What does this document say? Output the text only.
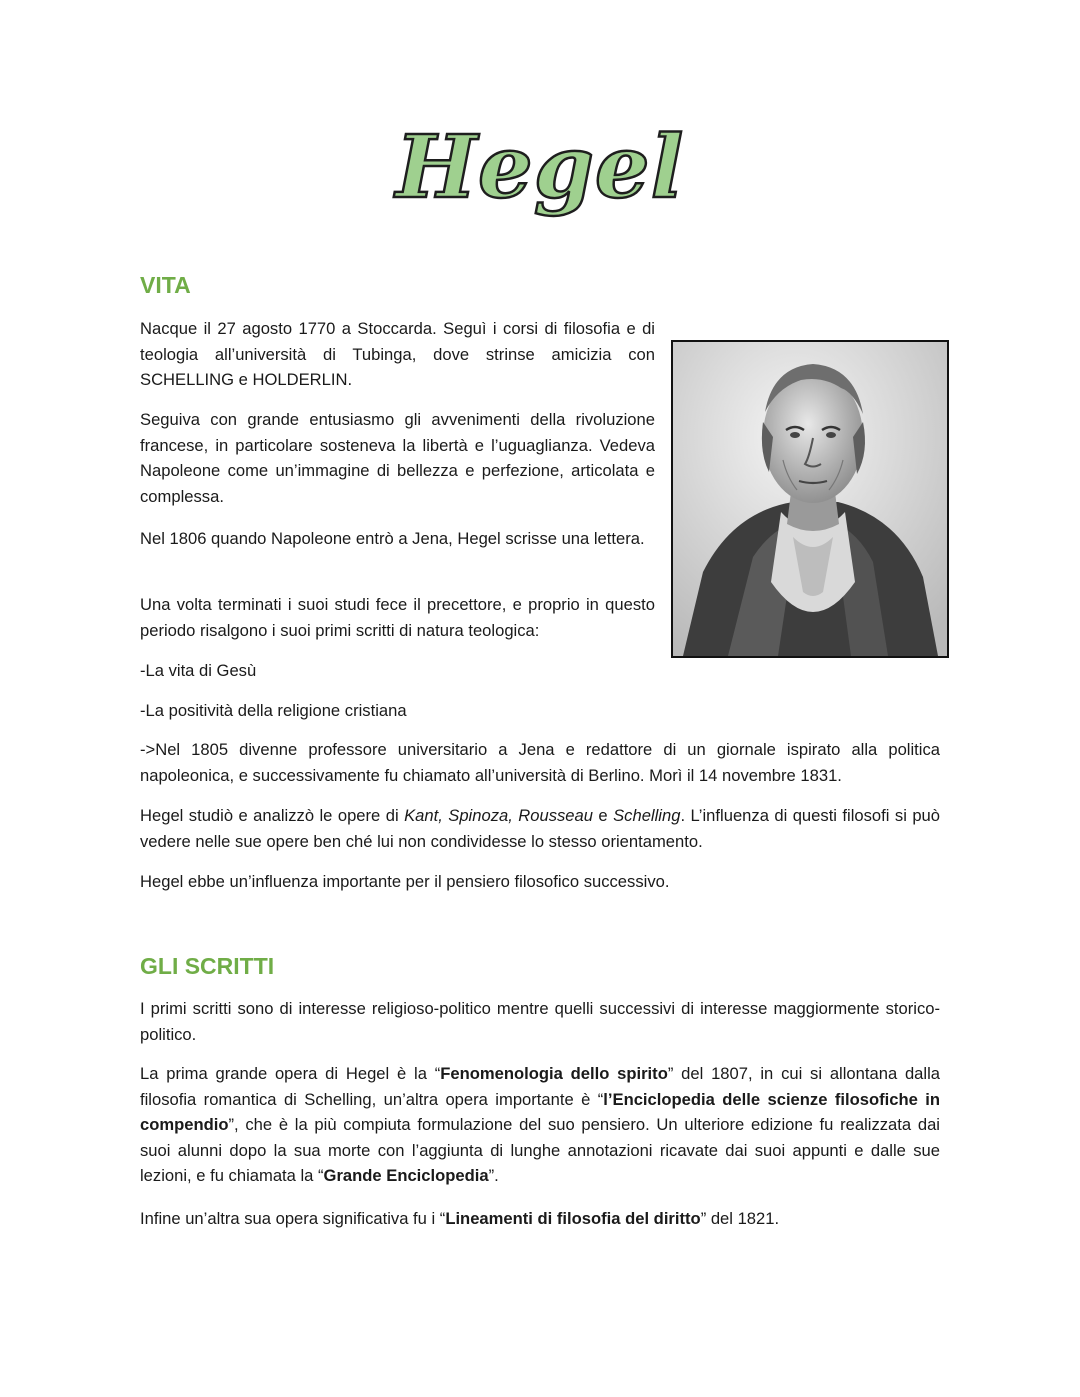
Hegel
VITA

Nacque il 27 agosto 1770 a Stoccarda. Seguì i corsi di filosofia e di teologia all’università di Tubinga, dove strinse amicizia con SCHELLING e HOLDERLIN.

Seguiva con grande entusiasmo gli avvenimenti della rivoluzione francese, in particolare sosteneva la libertà e l’uguaglianza. Vedeva Napoleone come un’immagine di bellezza e perfezione, articolata e complessa.

Nel 1806 quando Napoleone entrò a Jena, Hegel scrisse una lettera.

Una volta terminati i suoi studi fece il precettore, e proprio in questo periodo risalgono i suoi primi scritti di natura teologica:

-La vita di Gesù

-La positività della religione cristiana

->Nel 1805 divenne professore universitario a Jena e redattore di un giornale ispirato alla politica napoleonica, e successivamente fu chiamato all’università di Berlino. Morì il 14 novembre 1831.

Hegel studiò e analizzò le opere di Kant, Spinoza, Rousseau e Schelling. L’influenza di questi filosofi si può vedere nelle sue opere ben ché lui non condividesse lo stesso orientamento.

Hegel ebbe un’influenza importante per il pensiero filosofico successivo.

GLI SCRITTI

I primi scritti sono di interesse religioso-politico mentre quelli successivi di interesse maggiormente storico-politico.

La prima grande opera di Hegel è la “Fenomenologia dello spirito” del 1807, in cui si allontana dalla filosofia romantica di Schelling, un’altra opera importante è “l’Enciclopedia delle scienze filosofiche in compendio”, che è la più compiuta formulazione del suo pensiero. Un ulteriore edizione fu realizzata dai suoi alunni dopo la sua morte con l’aggiunta di lunghe annotazioni ricavate dai suoi appunti e dalle sue lezioni, e fu chiamata la “Grande Enciclopedia”.

Infine un’altra sua opera significativa fu i “Lineamenti di filosofia del diritto” del 1821.
